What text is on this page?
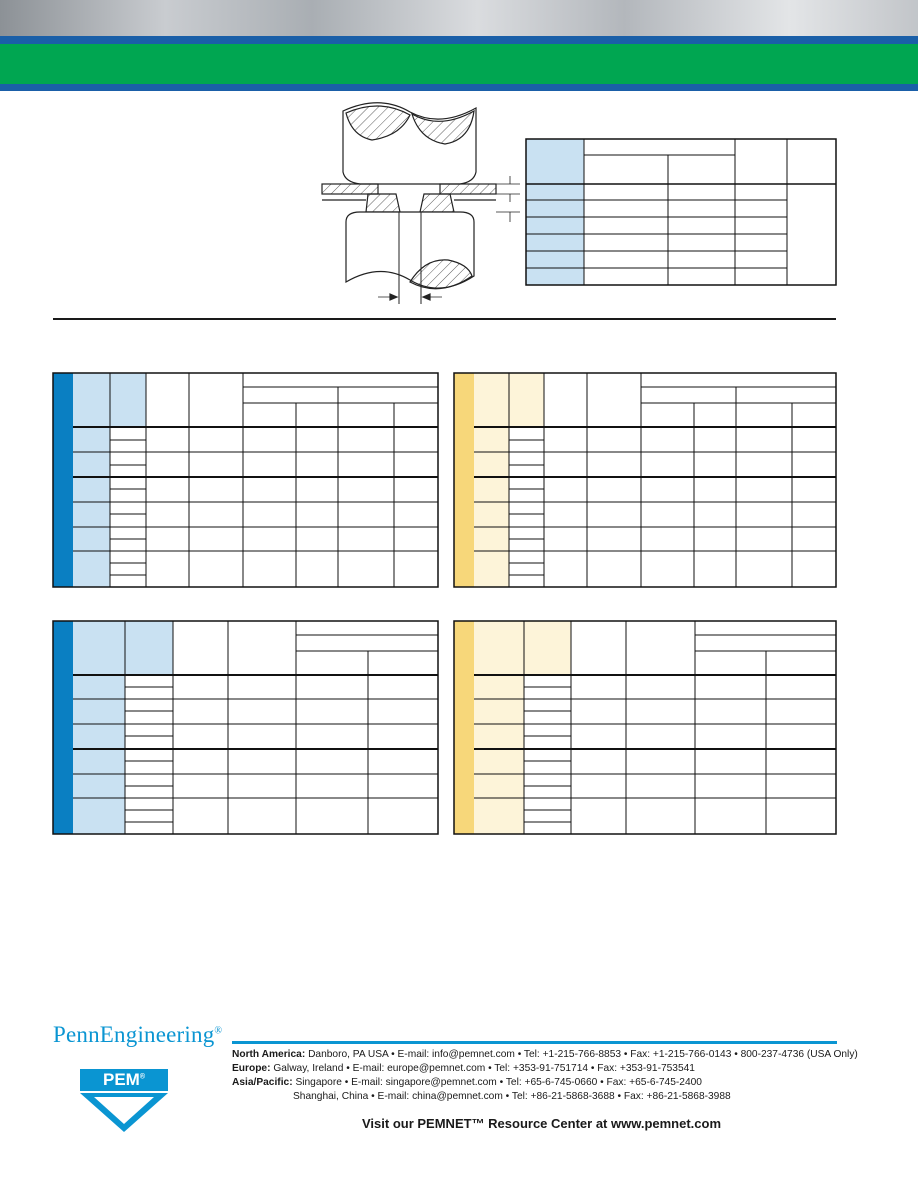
PennEngineering®
PEM®
North America: Danboro, PA USA • E-mail: info@pemnet.com • Tel: +1-215-766-8853 • Fax: +1-215-766-0143 • 800-237-4736 (USA Only)
Europe: Galway, Ireland • E-mail: europe@pemnet.com • Tel: +353-91-751714 • Fax: +353-91-753541
Asia/Pacific: Singapore • E-mail: singapore@pemnet.com • Tel: +65-6-745-0660 • Fax: +65-6-745-2400
Shanghai, China • E-mail: china@pemnet.com • Tel: +86-21-5868-3688 • Fax: +86-21-5868-3988
Visit our PEMNET™ Resource Center at www.pemnet.com
